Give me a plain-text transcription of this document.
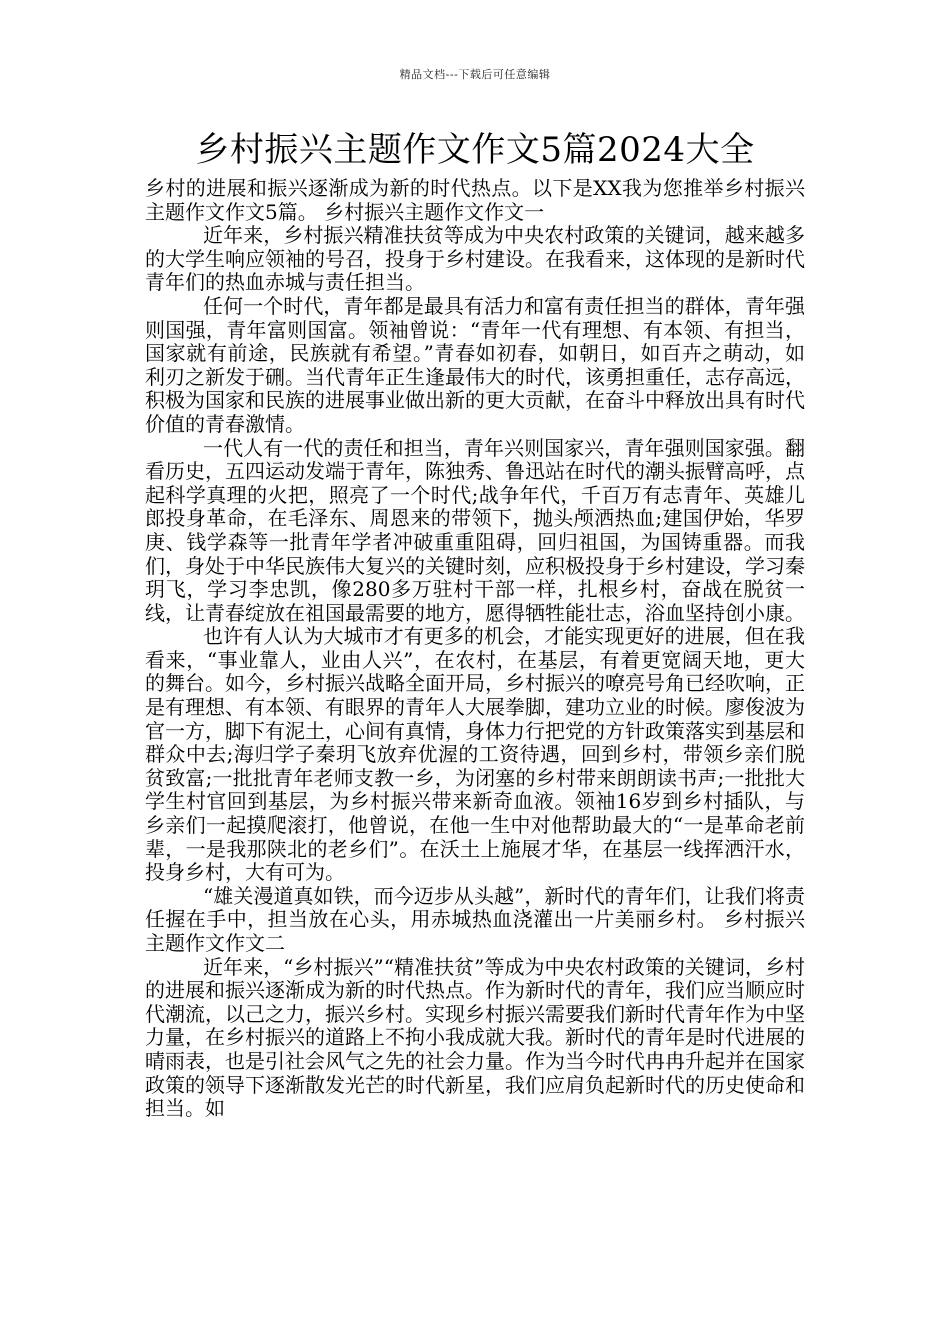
精品文档---下载后可任意编辑
乡村振兴主题作文作文5篇2024大全

乡村的进展和振兴逐渐成为新的时代热点。以下是XX我为您推举乡村振兴主题作文作文5篇。 乡村振兴主题作文作文一

近年来，乡村振兴精准扶贫等成为中央农村政策的关键词，越来越多的大学生响应领袖的号召，投身于乡村建设。在我看来，这体现的是新时代青年们的热血赤城与责任担当。

任何一个时代，青年都是最具有活力和富有责任担当的群体，青年强则国强，青年富则国富。领袖曾说：“青年一代有理想、有本领、有担当，国家就有前途，民族就有希望。”青春如初春，如朝日，如百卉之萌动，如利刃之新发于硎。当代青年正生逢最伟大的时代，该勇担重任，志存高远，积极为国家和民族的进展事业做出新的更大贡献，在奋斗中释放出具有时代价值的青春激情。

一代人有一代的责任和担当，青年兴则国家兴，青年强则国家强。翻看历史，五四运动发端于青年，陈独秀、鲁迅站在时代的潮头振臂高呼，点起科学真理的火把，照亮了一个时代;战争年代，千百万有志青年、英雄儿郎投身革命，在毛泽东、周恩来的带领下，抛头颅洒热血;建国伊始，华罗庚、钱学森等一批青年学者冲破重重阻碍，回归祖国，为国铸重器。而我们，身处于中华民族伟大复兴的关键时刻，应积极投身于乡村建设，学习秦玥飞，学习李忠凯，像280多万驻村干部一样，扎根乡村，奋战在脱贫一线，让青春绽放在祖国最需要的地方，愿得牺牲能壮志，浴血坚持创小康。

也许有人认为大城市才有更多的机会，才能实现更好的进展，但在我看来，“事业靠人，业由人兴”，在农村，在基层，有着更宽阔天地，更大的舞台。如今，乡村振兴战略全面开局，乡村振兴的嘹亮号角已经吹响，正是有理想、有本领、有眼界的青年人大展拳脚，建功立业的时候。廖俊波为官一方，脚下有泥土，心间有真情，身体力行把党的方针政策落实到基层和群众中去;海归学子秦玥飞放弃优渥的工资待遇，回到乡村，带领乡亲们脱贫致富;一批批青年老师支教一乡，为闭塞的乡村带来朗朗读书声;一批批大学生村官回到基层，为乡村振兴带来新奇血液。领袖16岁到乡村插队，与乡亲们一起摸爬滚打，他曾说，在他一生中对他帮助最大的“一是革命老前辈，一是我那陕北的老乡们”。在沃土上施展才华，在基层一线挥洒汗水，投身乡村，大有可为。

“雄关漫道真如铁，而今迈步从头越”，新时代的青年们，让我们将责任握在手中，担当放在心头，用赤城热血浇灌出一片美丽乡村。 乡村振兴主题作文作文二

近年来，“乡村振兴”“精准扶贫”等成为中央农村政策的关键词，乡村的进展和振兴逐渐成为新的时代热点。作为新时代的青年，我们应当顺应时代潮流，以己之力，振兴乡村。实现乡村振兴需要我们新时代青年作为中坚力量，在乡村振兴的道路上不拘小我成就大我。新时代的青年是时代进展的晴雨表，也是引社会风气之先的社会力量。作为当今时代冉冉升起并在国家政策的领导下逐渐散发光芒的时代新星，我们应肩负起新时代的历史使命和担当。如
